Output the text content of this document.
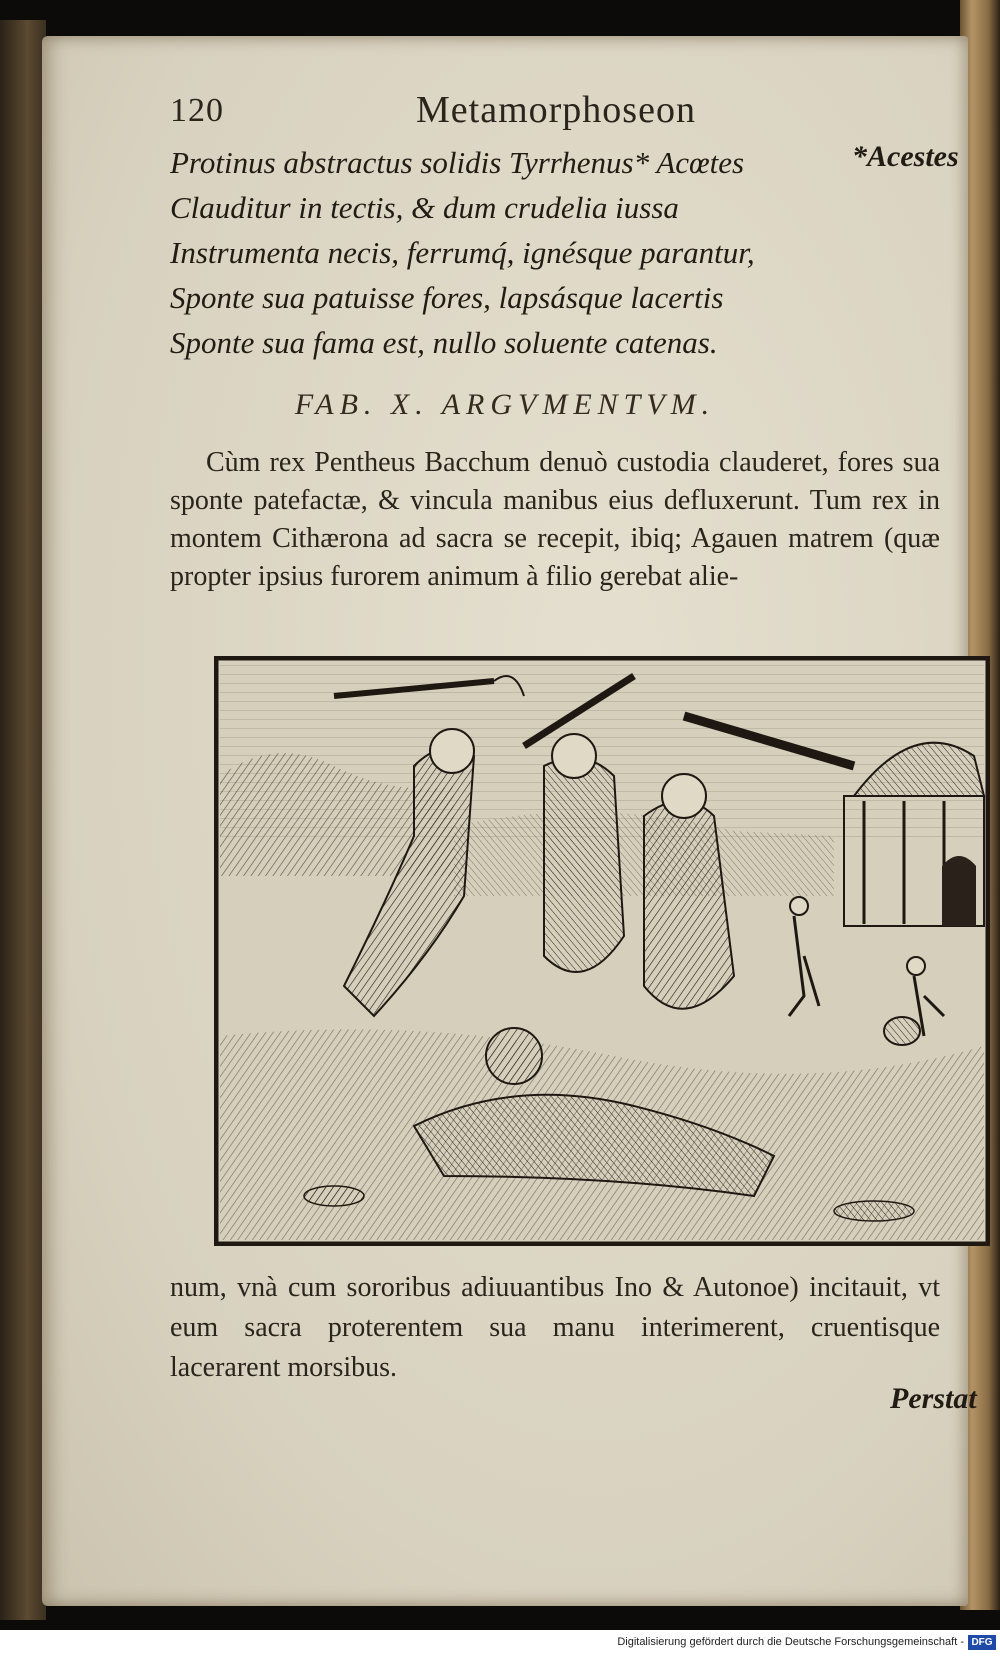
120	Metamorphoseon
Protinus abstractus solidis Tyrrhenus* Acœtes
Clauditur in tectis, & dum crudelia iussa
Instrumenta necis, ferrumq́, ignésque parantur,
Sponte sua patuisse fores, lapsásque lacertis
Sponte sua fama est, nullo soluente catenas.
*Acestes
FAB. X. ARGVMENTVM.

Cùm rex Pentheus Bacchum denuò custodia clauderet, fores sua sponte patefactæ, & vincula manibus eius defluxerunt. Tum rex in montem Cithærona ad sacra se recepit, ibiq; Agauen matrem (quæ propter ipsius furorem animum à filio gerebat alie-

num, vnà cum sororibus adiuuantibus Ino & Autonoe) incitauit, vt eum sacra proterentem sua manu interimerent, cruentisque lacerarent morsibus.

Perstat
Digitalisierung gefördert durch die Deutsche Forschungsgemeinschaft - DFG
